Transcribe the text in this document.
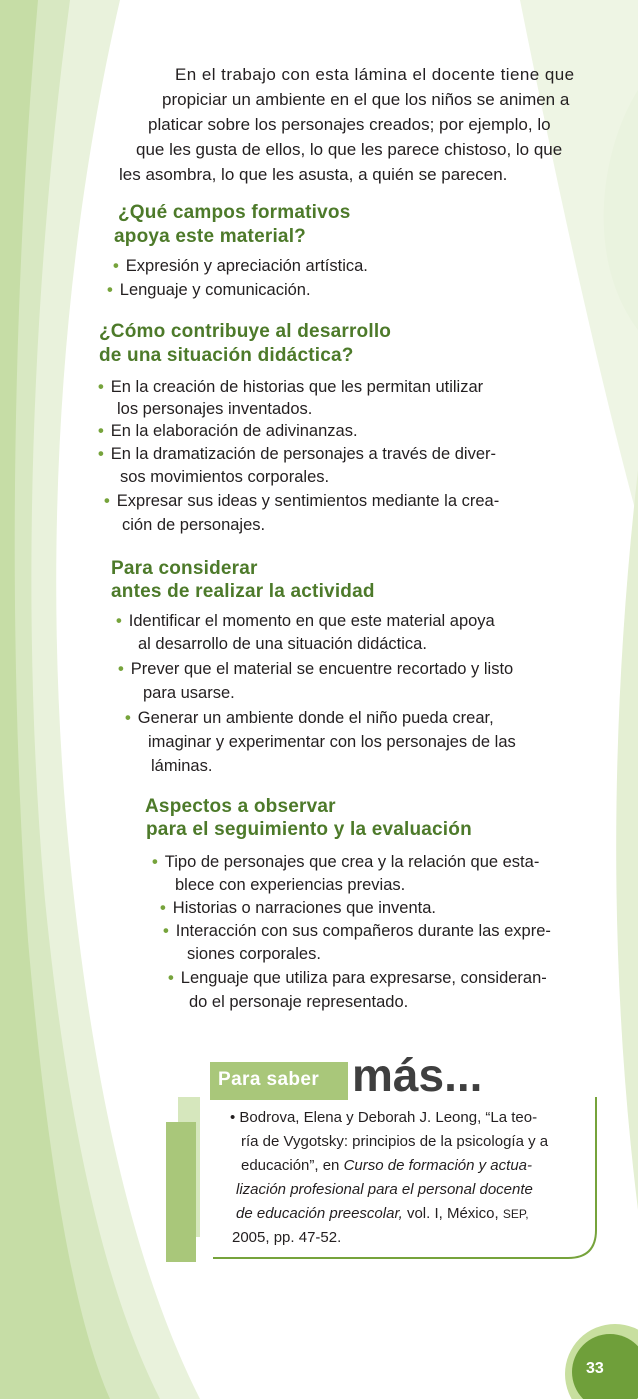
En el trabajo con esta lámina el docente tiene que
propiciar un ambiente en el que los niños se animen a
platicar sobre los personajes creados; por ejemplo, lo
que les gusta de ellos, lo que les parece chistoso, lo que
les asombra, lo que les asusta, a quién se parecen.
¿Qué campos formativos
apoya este material?
• Expresión y apreciación artística.
• Lenguaje y comunicación.
¿Cómo contribuye al desarrollo
de una situación didáctica?
• En la creación de historias que les permitan utilizar
los personajes inventados.
• En la elaboración de adivinanzas.
• En la dramatización de personajes a través de diver-
sos movimientos corporales.
• Expresar sus ideas y sentimientos mediante la crea-
ción de personajes.
Para considerar
antes de realizar la actividad
• Identificar el momento en que este material apoya
al desarrollo de una situación didáctica.
• Prever que el material se encuentre recortado y listo
para usarse.
• Generar un ambiente donde el niño pueda crear,
imaginar y experimentar con los personajes de las
láminas.
Aspectos a observar
para el seguimiento y la evaluación
• Tipo de personajes que crea y la relación que esta-
blece con experiencias previas.
• Historias o narraciones que inventa.
• Interacción con sus compañeros durante las expre-
siones corporales.
• Lenguaje que utiliza para expresarse, consideran-
do el personaje representado.
Para saber más...
• Bodrova, Elena y Deborah J. Leong, “La teo-
ría de Vygotsky: principios de la psicología y a
educación”, en Curso de formación y actua-
lización profesional para el personal docente
de educación preescolar, vol. I, México, SEP,
2005, pp. 47-52.
33
